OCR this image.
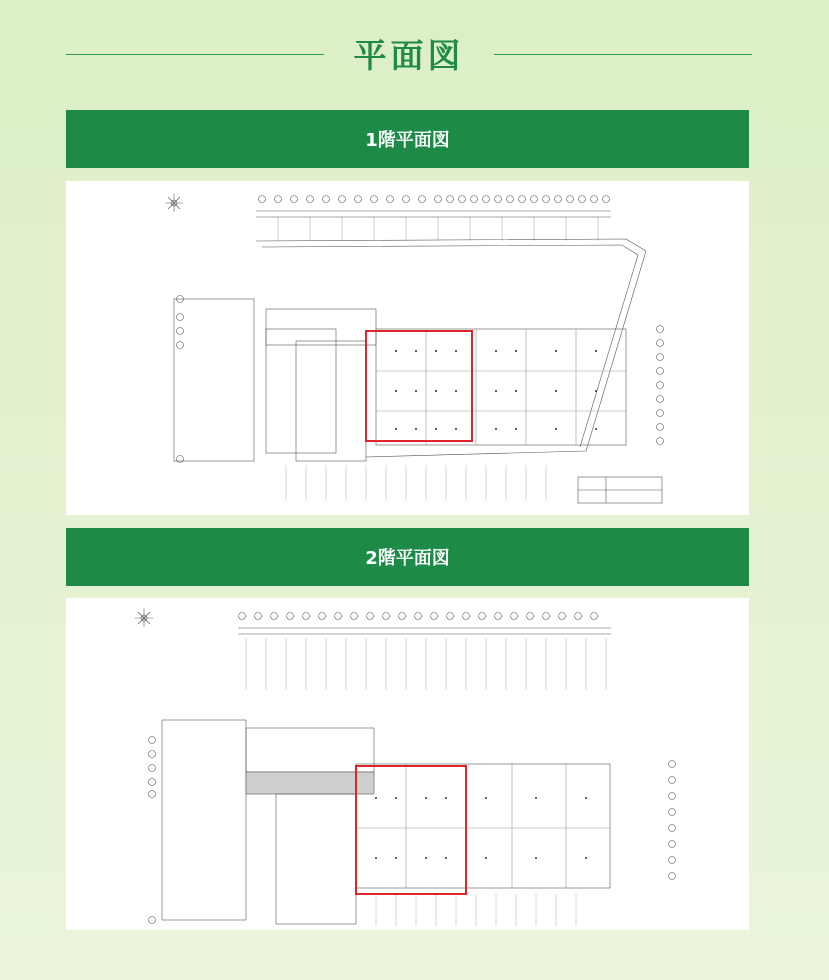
平面図
1階平面図
2階平面図
